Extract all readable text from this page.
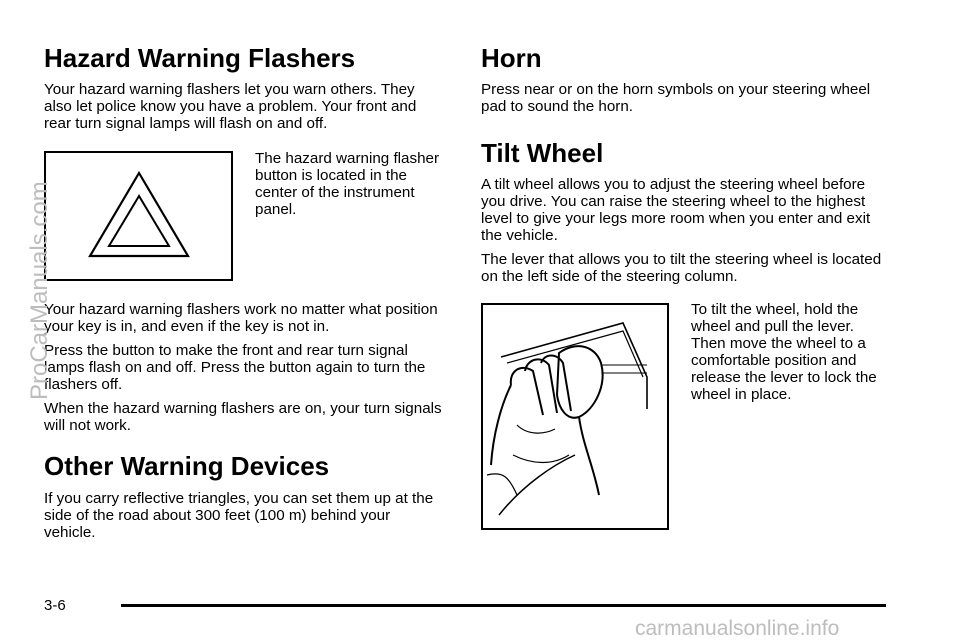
Hazard Warning Flashers

Your hazard warning flashers let you warn others. They also let police know you have a problem. Your front and rear turn signal lamps will flash on and off.

The hazard warning flasher button is located in the center of the instrument panel.

Your hazard warning flashers work no matter what position your key is in, and even if the key is not in.

Press the button to make the front and rear turn signal lamps flash on and off. Press the button again to turn the flashers off.

When the hazard warning flashers are on, your turn signals will not work.

Other Warning Devices

If you carry reflective triangles, you can set them up at the side of the road about 300 feet (100 m) behind your vehicle.

Horn

Press near or on the horn symbols on your steering wheel pad to sound the horn.

Tilt Wheel

A tilt wheel allows you to adjust the steering wheel before you drive. You can raise the steering wheel to the highest level to give your legs more room when you enter and exit the vehicle.

The lever that allows you to tilt the steering wheel is located on the left side of the steering column.

To tilt the wheel, hold the wheel and pull the lever. Then move the wheel to a comfortable position and release the lever to lock the wheel in place.
3-6
ProCarManuals.com
carmanualsonline.info
